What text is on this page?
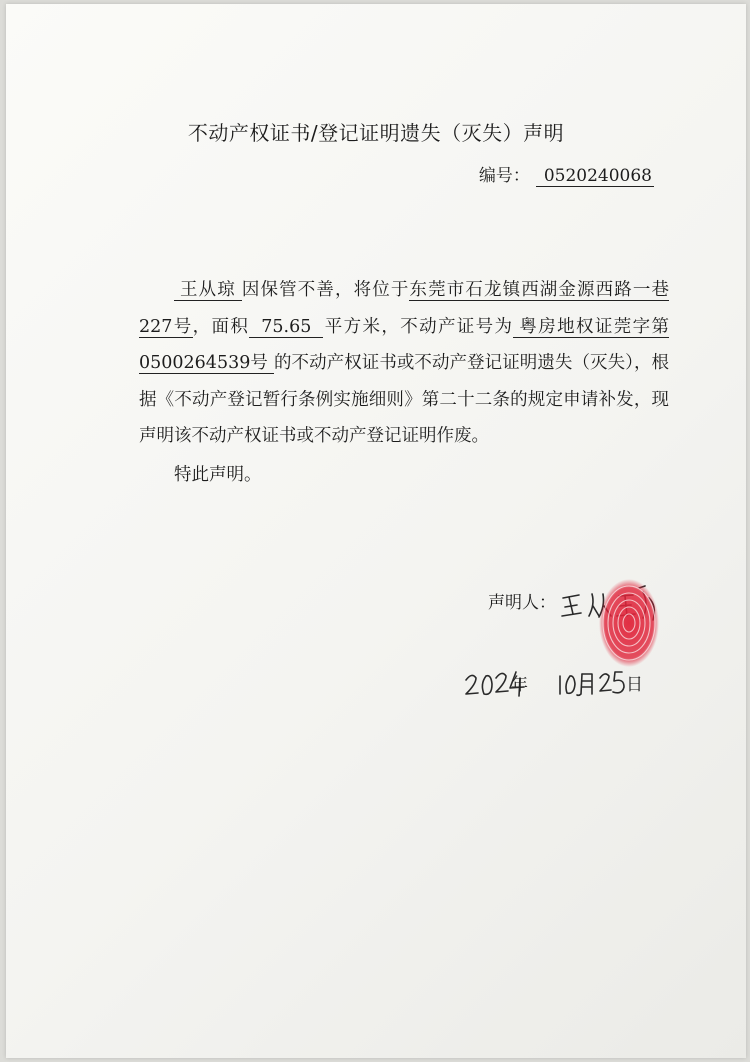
不动产权证书/登记证明遗失（灭失）声明
编号： 0520240068

王从琼 因保管不善，将位于东莞市石龙镇西湖金源西路一巷227号，面积 75.65 平方米，不动产证号为 粤房地权证莞字第0500264539号 的不动产权证书或不动产登记证明遗失（灭失），根据《不动产登记暂行条例实施细则》第二十二条的规定申请补发，现声明该不动产权证书或不动产登记证明作废。

特此声明。

声明人：
年	日
